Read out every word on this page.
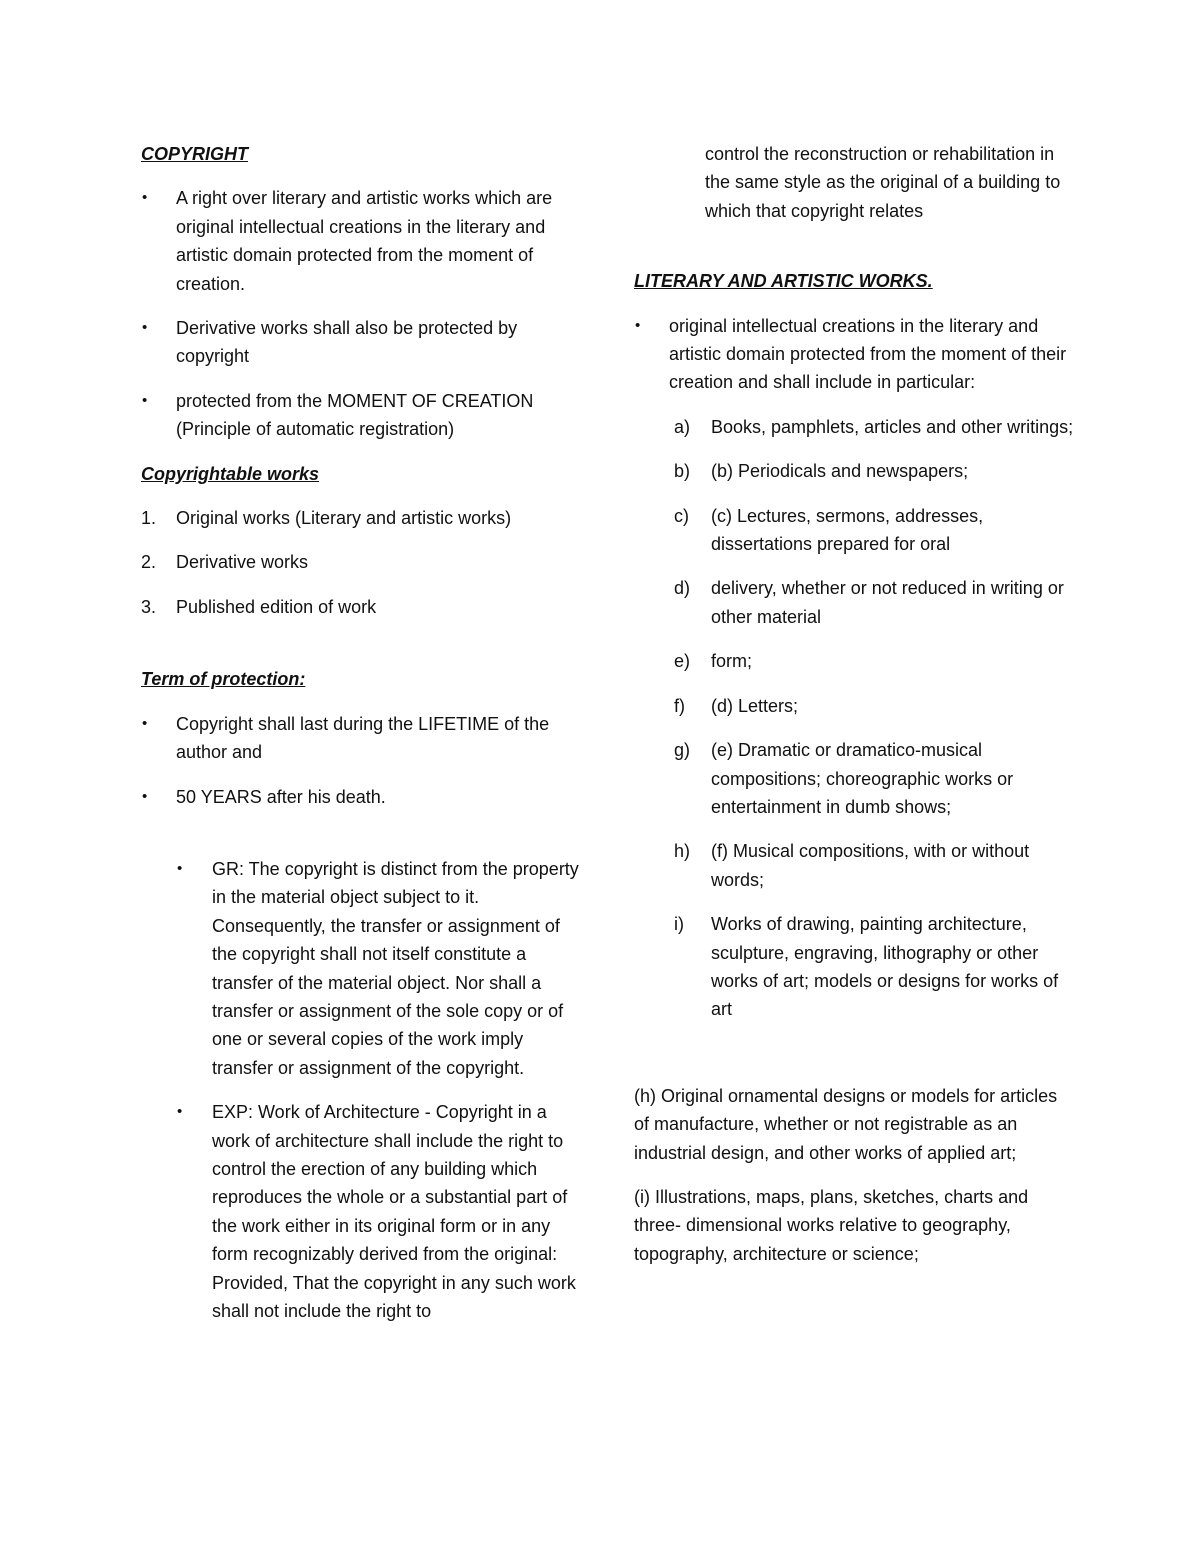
COPYRIGHT
• A right over literary and artistic works which are original intellectual creations in the literary and artistic domain protected from the moment of creation.
• Derivative works shall also be protected by copyright
• protected from the MOMENT OF CREATION (Principle of automatic registration)
Copyrightable works
1. Original works (Literary and artistic works)
2. Derivative works
3. Published edition of work
Term of protection:
• Copyright shall last during the LIFETIME of the author and
• 50 YEARS after his death.
• GR: The copyright is distinct from the property in the material object subject to it. Consequently, the transfer or assignment of the copyright shall not itself constitute a transfer of the material object. Nor shall a transfer or assignment of the sole copy or of one or several copies of the work imply transfer or assignment of the copyright.
• EXP: Work of Architecture - Copyright in a work of architecture shall include the right to control the erection of any building which reproduces the whole or a substantial part of the work either in its original form or in any form recognizably derived from the original: Provided, That the copyright in any such work shall not include the right to
control the reconstruction or rehabilitation in the same style as the original of a building to which that copyright relates
LITERARY AND ARTISTIC WORKS.
• original intellectual creations in the literary and artistic domain protected from the moment of their creation and shall include in particular:
a) Books, pamphlets, articles and other writings;
b) (b) Periodicals and newspapers;
c) (c) Lectures, sermons, addresses, dissertations prepared for oral
d) delivery, whether or not reduced in writing or other material
e) form;
f) (d) Letters;
g) (e) Dramatic or dramatico-musical compositions; choreographic works or entertainment in dumb shows;
h) (f) Musical compositions, with or without words;
i) Works of drawing, painting architecture, sculpture, engraving, lithography or other works of art; models or designs for works of art
(h) Original ornamental designs or models for articles of manufacture, whether or not registrable as an industrial design, and other works of applied art;
(i) Illustrations, maps, plans, sketches, charts and three- dimensional works relative to geography, topography, architecture or science;
